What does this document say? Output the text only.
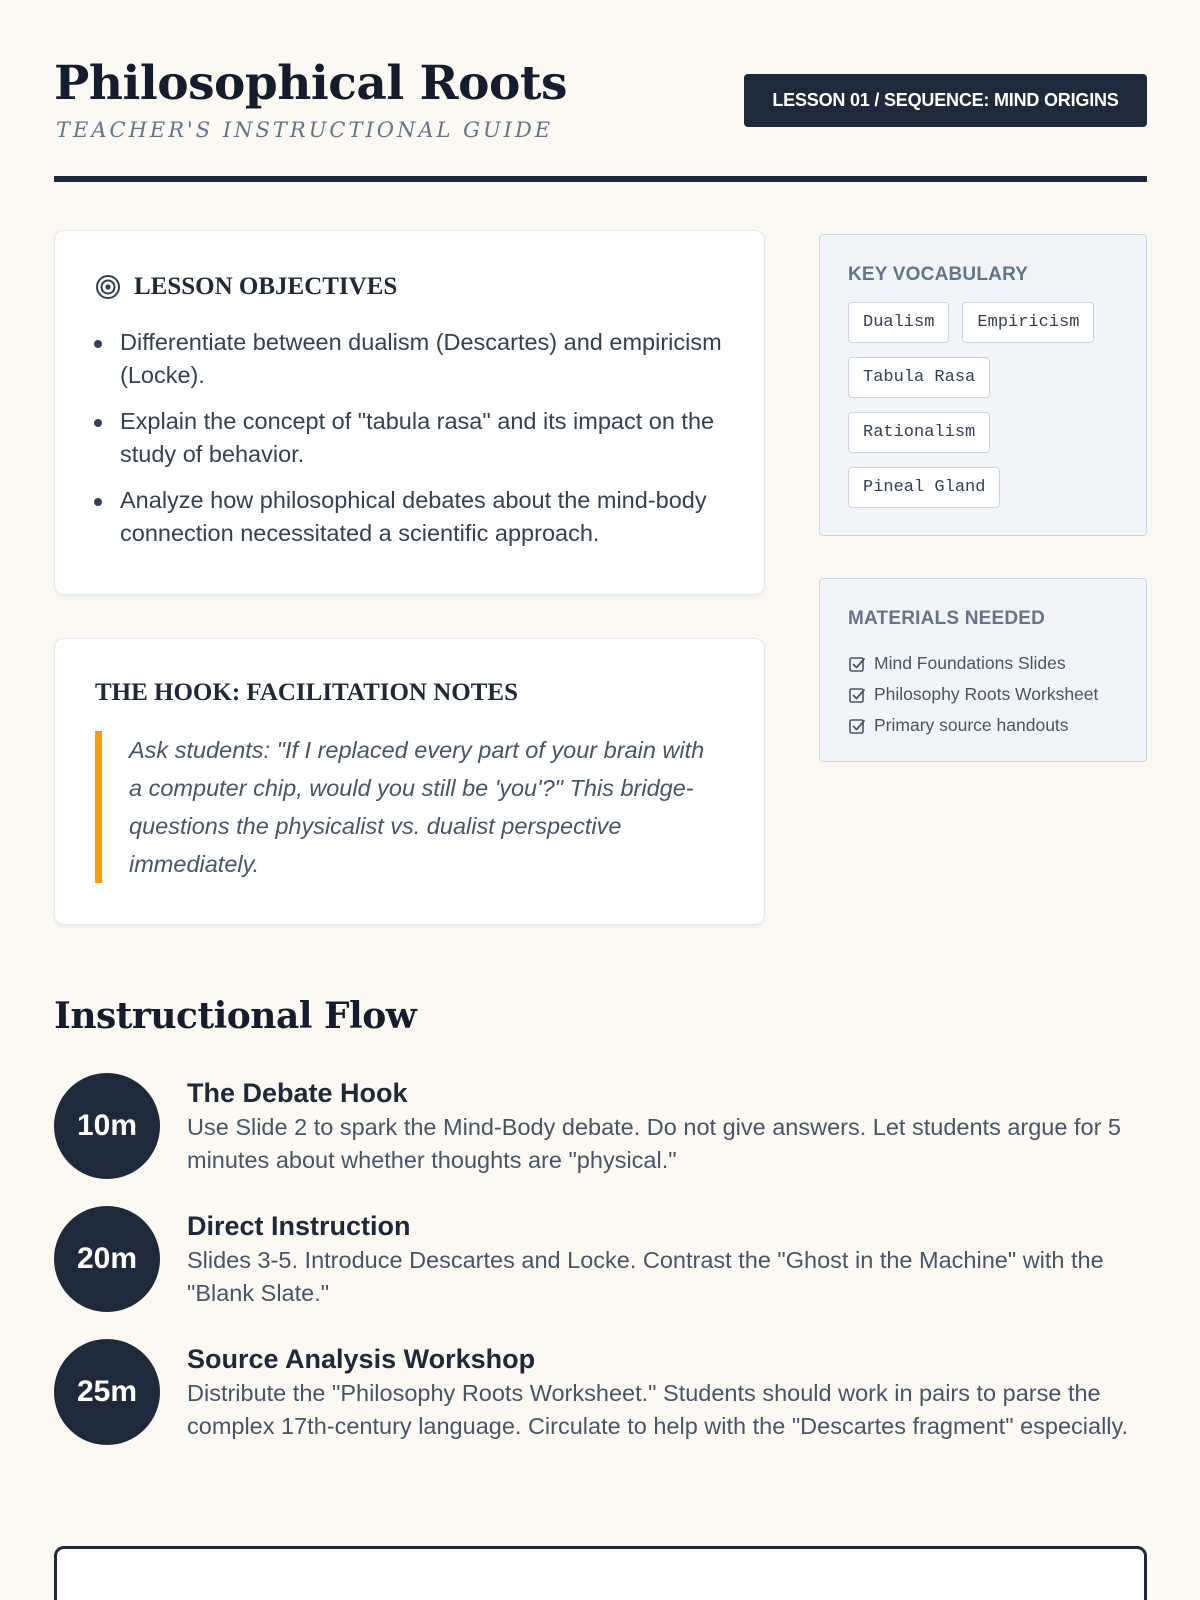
Philosophical Roots
TEACHER'S INSTRUCTIONAL GUIDE
LESSON 01 / SEQUENCE: MIND ORIGINS
LESSON OBJECTIVES
Differentiate between dualism (Descartes) and empiricism (Locke).
Explain the concept of "tabula rasa" and its impact on the study of behavior.
Analyze how philosophical debates about the mind-body connection necessitated a scientific approach.
THE HOOK: FACILITATION NOTES
Ask students: "If I replaced every part of your brain with a computer chip, would you still be 'you'?" This bridge-questions the physicalist vs. dualist perspective immediately.
KEY VOCABULARY
Dualism	Empiricism
Tabula Rasa
Rationalism
Pineal Gland
MATERIALS NEEDED
Mind Foundations Slides
Philosophy Roots Worksheet
Primary source handouts
Instructional Flow
10m
The Debate Hook
Use Slide 2 to spark the Mind-Body debate. Do not give answers. Let students argue for 5 minutes about whether thoughts are "physical."
20m
Direct Instruction
Slides 3-5. Introduce Descartes and Locke. Contrast the "Ghost in the Machine" with the "Blank Slate."
25m
Source Analysis Workshop
Distribute the "Philosophy Roots Worksheet." Students should work in pairs to parse the complex 17th-century language. Circulate to help with the "Descartes fragment" especially.
